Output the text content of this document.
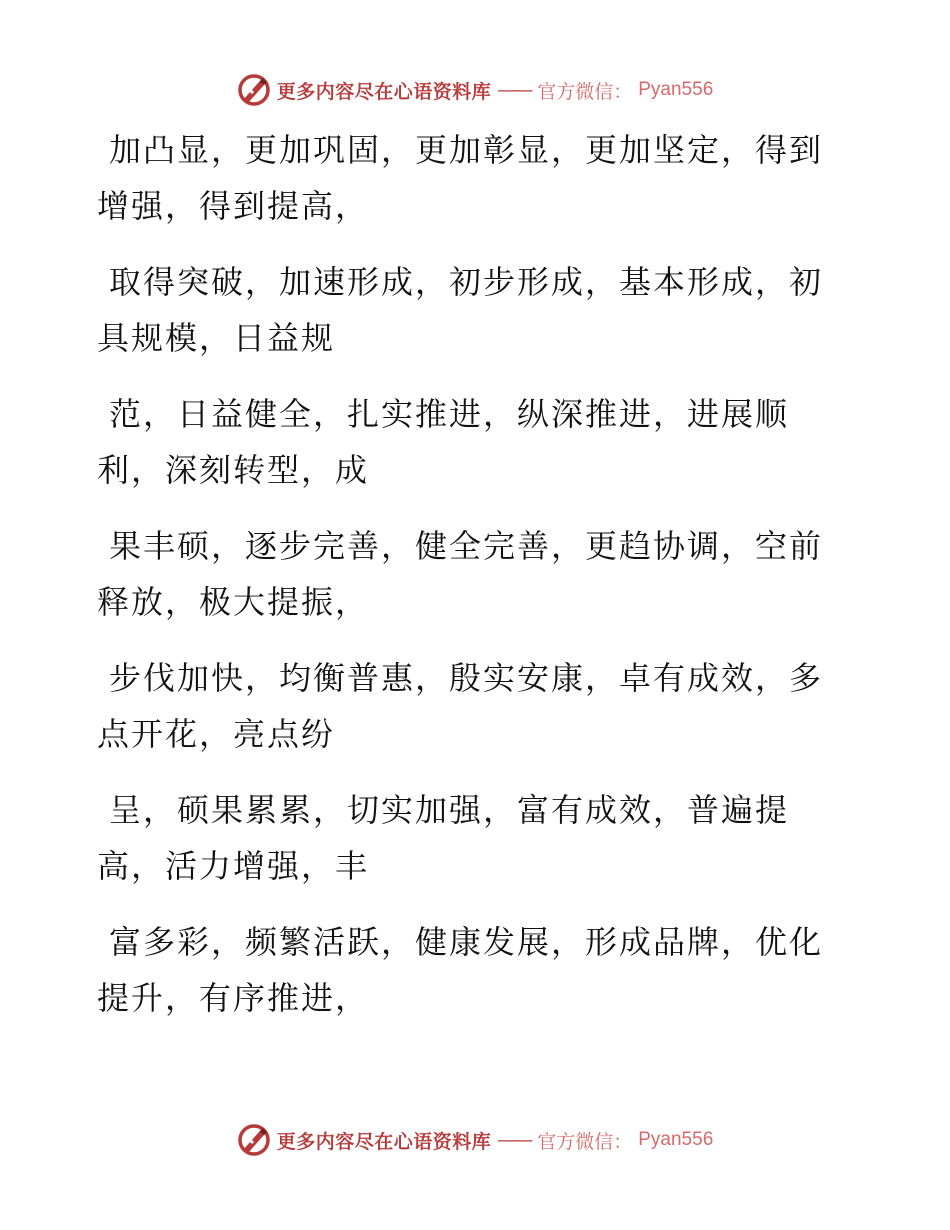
更多内容尽在心语资料库 —— 官方微信： Pyan556

加凸显，更加巩固，更加彰显，更加坚定，得到
增强，得到提高，

取得突破，加速形成，初步形成，基本形成，初
具规模，日益规

范，日益健全，扎实推进，纵深推进，进展顺
利，深刻转型，成

果丰硕，逐步完善，健全完善，更趋协调，空前
释放，极大提振，

步伐加快，均衡普惠，殷实安康，卓有成效，多
点开花，亮点纷

呈，硕果累累，切实加强，富有成效，普遍提
高，活力增强，丰

富多彩，频繁活跃，健康发展，形成品牌，优化
提升，有序推进，

更多内容尽在心语资料库 —— 官方微信： Pyan556
